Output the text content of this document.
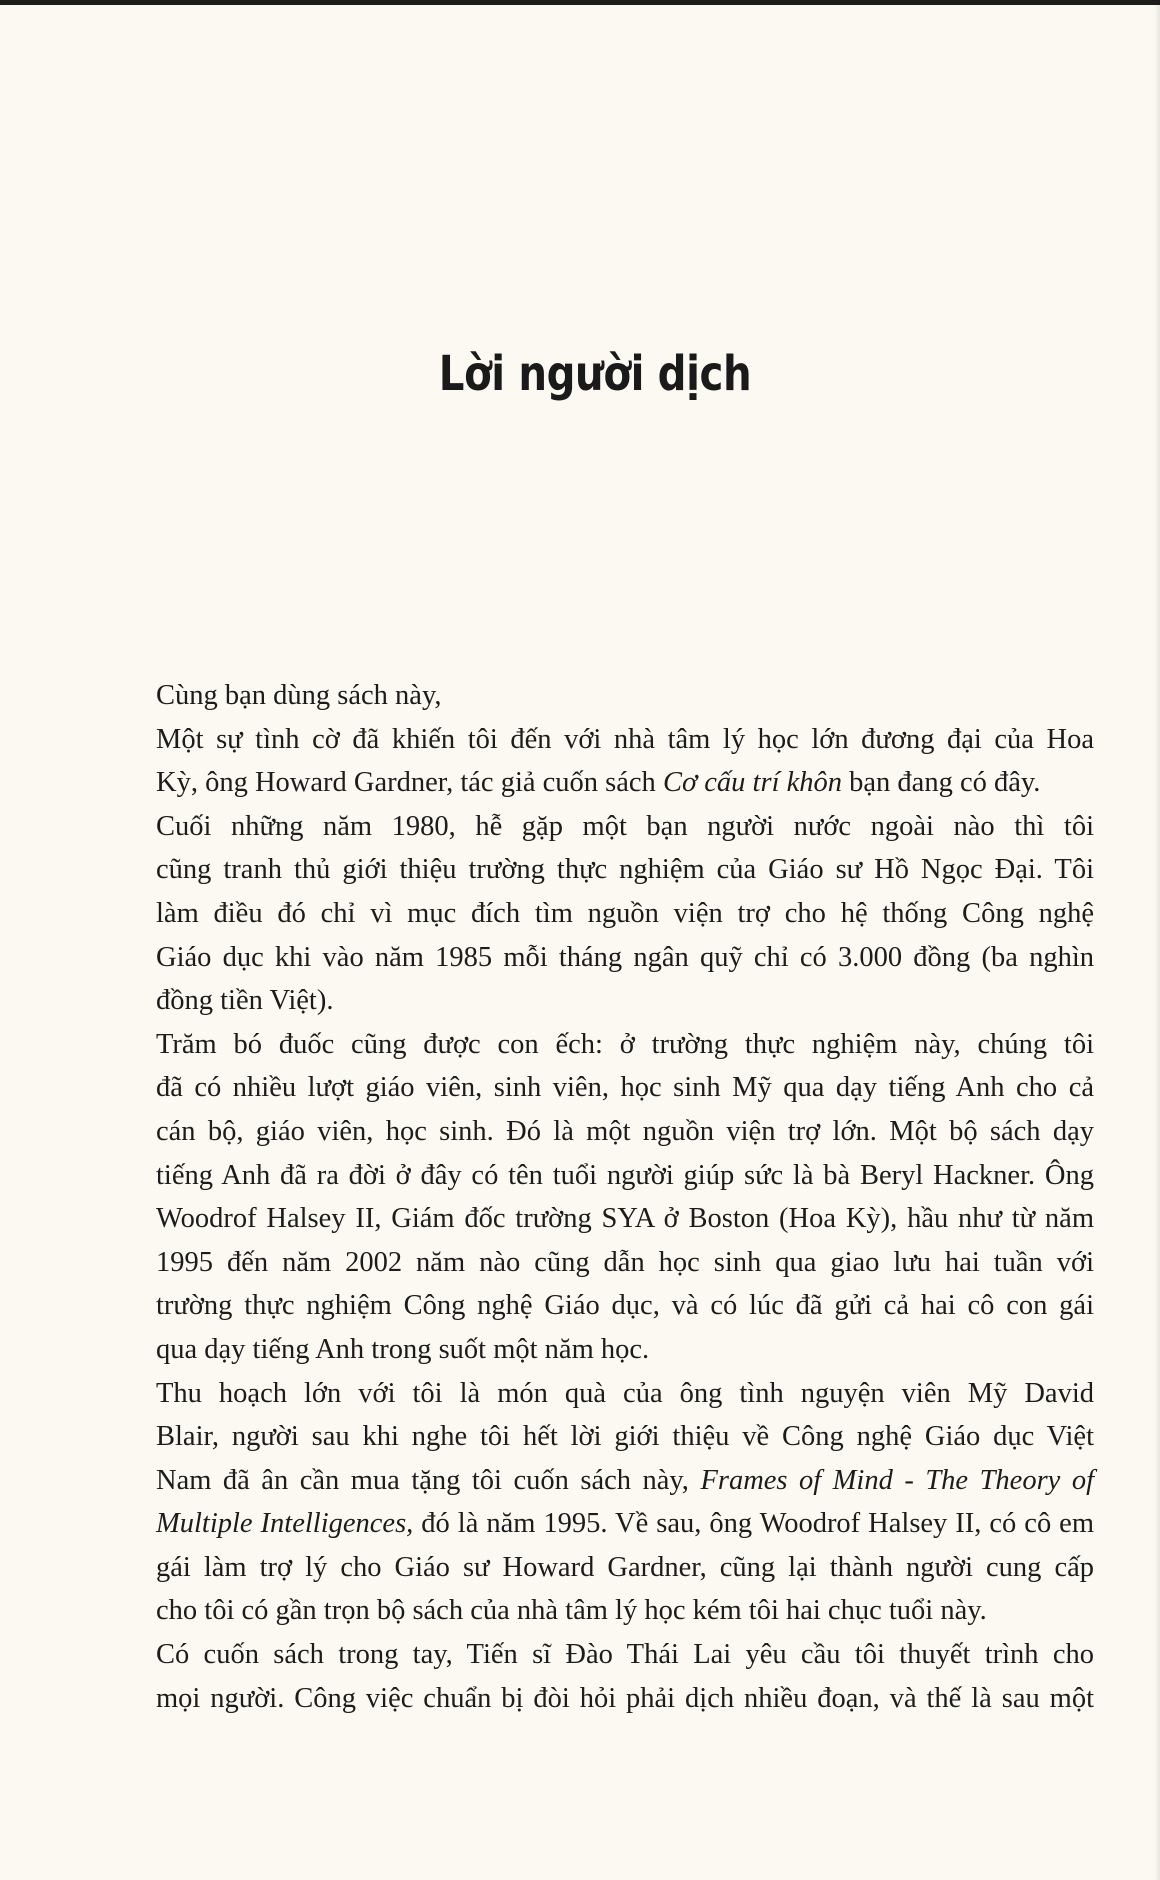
Lời người dịch
Cùng bạn dùng sách này,
Một sự tình cờ đã khiến tôi đến với nhà tâm lý học lớn đương đại của Hoa
Kỳ, ông Howard Gardner, tác giả cuốn sách Cơ cấu trí khôn bạn đang có đây.
Cuối những năm 1980, hễ gặp một bạn người nước ngoài nào thì tôi
cũng tranh thủ giới thiệu trường thực nghiệm của Giáo sư Hồ Ngọc Đại. Tôi
làm điều đó chỉ vì mục đích tìm nguồn viện trợ cho hệ thống Công nghệ
Giáo dục khi vào năm 1985 mỗi tháng ngân quỹ chỉ có 3.000 đồng (ba nghìn
đồng tiền Việt).
Trăm bó đuốc cũng được con ếch: ở trường thực nghiệm này, chúng tôi
đã có nhiều lượt giáo viên, sinh viên, học sinh Mỹ qua dạy tiếng Anh cho cả
cán bộ, giáo viên, học sinh. Đó là một nguồn viện trợ lớn. Một bộ sách dạy
tiếng Anh đã ra đời ở đây có tên tuổi người giúp sức là bà Beryl Hackner. Ông
Woodrof Halsey II, Giám đốc trường SYA ở Boston (Hoa Kỳ), hầu như từ năm
1995 đến năm 2002 năm nào cũng dẫn học sinh qua giao lưu hai tuần với
trường thực nghiệm Công nghệ Giáo dục, và có lúc đã gửi cả hai cô con gái
qua dạy tiếng Anh trong suốt một năm học.
Thu hoạch lớn với tôi là món quà của ông tình nguyện viên Mỹ David
Blair, người sau khi nghe tôi hết lời giới thiệu về Công nghệ Giáo dục Việt
Nam đã ân cần mua tặng tôi cuốn sách này, Frames of Mind - The Theory of
Multiple Intelligences, đó là năm 1995. Về sau, ông Woodrof Halsey II, có cô em
gái làm trợ lý cho Giáo sư Howard Gardner, cũng lại thành người cung cấp
cho tôi có gần trọn bộ sách của nhà tâm lý học kém tôi hai chục tuổi này.
Có cuốn sách trong tay, Tiến sĩ Đào Thái Lai yêu cầu tôi thuyết trình cho
mọi người. Công việc chuẩn bị đòi hỏi phải dịch nhiều đoạn, và thế là sau một
